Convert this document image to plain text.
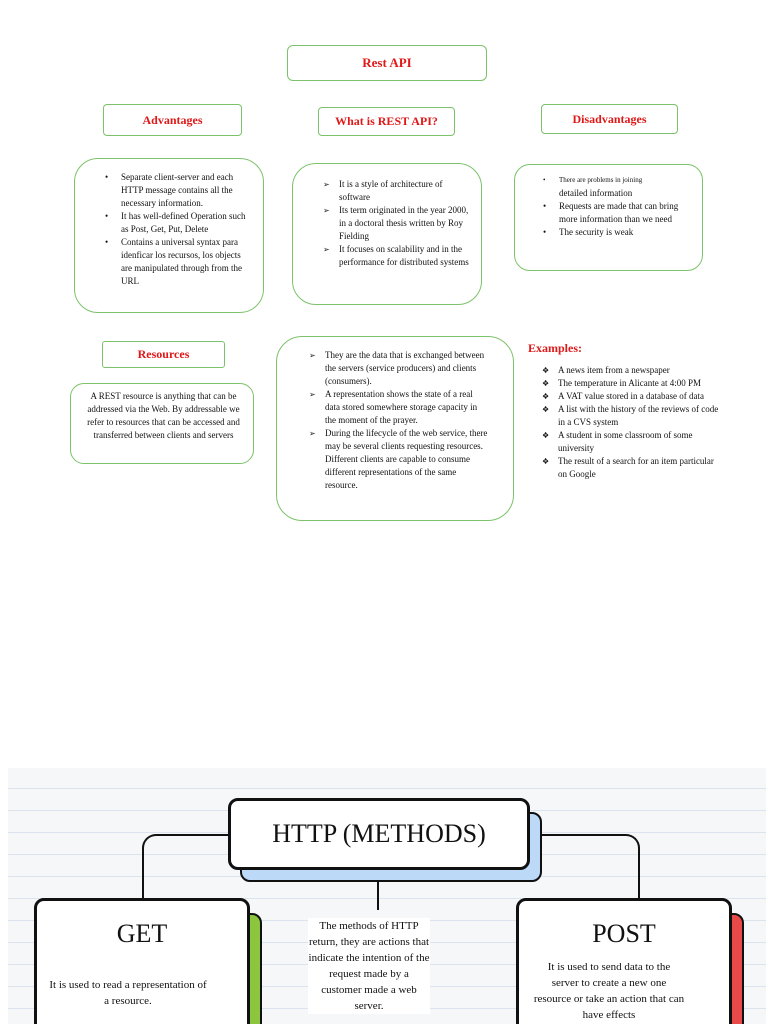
Rest API
Advantages	What is REST API?	Disadvantages
• Separate client-server and each HTTP message contains all the necessary information.
• It has well-defined Operation such as Post, Get, Put, Delete
• Contains a universal syntax para iden⁢ficar los recursos, los objects are manipulated through from the URL
➢ It is a style of architecture of software
➢ Its term originated in the year 2000, in a doctoral thesis written by Roy Fielding
➢ It focuses on scalability and in the performance for distributed systems
• There are problems in joining
detailed information
• Requests are made that can bring more information than we need
• The security is weak
Resources
A REST resource is anything that can be addressed via the Web. By addressable we refer to resources that can be accessed and transferred between clients and servers
➢ They are the data that is exchanged between the servers (service producers) and clients (consumers).
➢ A representation shows the state of a real data stored somewhere storage capacity in the moment of the prayer.
➢ During the lifecycle of the web service, there may be several clients requesting resources. Different clients are capable to consume different representations of the same resource.
Examples:
❖ A news item from a newspaper
❖ The temperature in Alicante at 4:00 PM
❖ A VAT value stored in a database of data
❖ A list with the history of the reviews of code in a CVS system
❖ A student in some classroom of some university
❖ The result of a search for an item particular on Google
HTTP (METHODS)
GET
It is used to read a representation of a resource.
The methods of HTTP return, they are actions that indicate the intention of the request made by a customer made a web server.
POST
It is used to send data to the server to create a new one resource or take an action that can have effects
